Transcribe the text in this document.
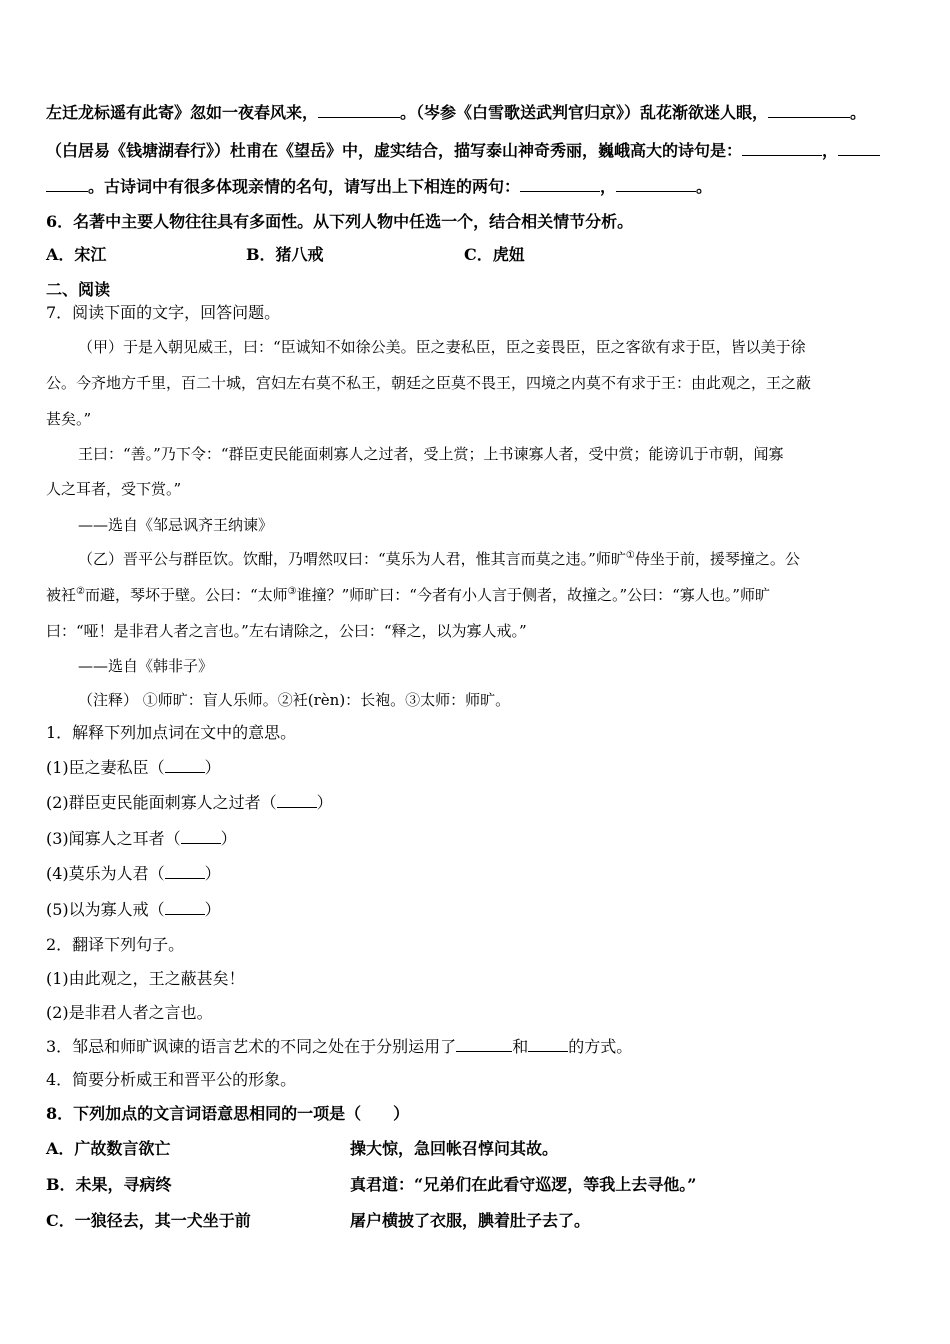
左迁龙标遥有此寄》忽如一夜春风来，	。（岑参《白雪歌送武判官归京》）乱花渐欲迷人眼，	。
（白居易《钱塘湖春行》）杜甫在《望岳》中，虚实结合，描写泰山神奇秀丽，巍峨高大的诗句是：	，
。古诗词中有很多体现亲情的名句，请写出上下相连的两句：	，	。
6．名著中主要人物往往具有多面性。从下列人物中任选一个，结合相关情节分析。
A．宋江	B．猪八戒	C．虎妞
二、阅读
7．阅读下面的文字，回答问题。
（甲）于是入朝见威王，曰：“臣诚知不如徐公美。臣之妻私臣，臣之妾畏臣，臣之客欲有求于臣，皆以美于徐
公。今齐地方千里，百二十城，宫妇左右莫不私王，朝廷之臣莫不畏王，四境之内莫不有求于王：由此观之，王之蔽
甚矣。”
王曰：“善。”乃下令：“群臣吏民能面刺寡人之过者，受上赏；上书谏寡人者，受中赏；能谤讥于市朝，闻寡
人之耳者，受下赏。”
——选自《邹忌讽齐王纳谏》
（乙）晋平公与群臣饮。饮酣，乃喟然叹曰：“莫乐为人君，惟其言而莫之违。”师旷①侍坐于前，援琴撞之。公
被衽②而避，琴坏于壁。公曰：“太师③谁撞？”师旷曰：“今者有小人言于侧者，故撞之。”公曰：“寡人也。”师旷
曰：“哑！是非君人者之言也。”左右请除之，公曰：“释之，以为寡人戒。”
——选自《韩非子》
（注释） ①师旷：盲人乐师。②衽(rèn)：长袍。③太师：师旷。
1．解释下列加点词在文中的意思。
(1)臣之妻私臣（	）
(2)群臣吏民能面刺寡人之过者（	）
(3)闻寡人之耳者（	）
(4)莫乐为人君（	）
(5)以为寡人戒（	）
2．翻译下列句子。
(1)由此观之，王之蔽甚矣！
(2)是非君人者之言也。
3．邹忌和师旷讽谏的语言艺术的不同之处在于分别运用了	和	的方式。
4．简要分析威王和晋平公的形象。
8．下列加点的文言词语意思相同的一项是（　　）
A．广故数言欲亡	操大惊，急回帐召惇问其故。
B．未果，寻病终	真君道：“兄弟们在此看守巡逻，等我上去寻他。”
C．一狼径去，其一犬坐于前	屠户横披了衣服，腆着肚子去了。
